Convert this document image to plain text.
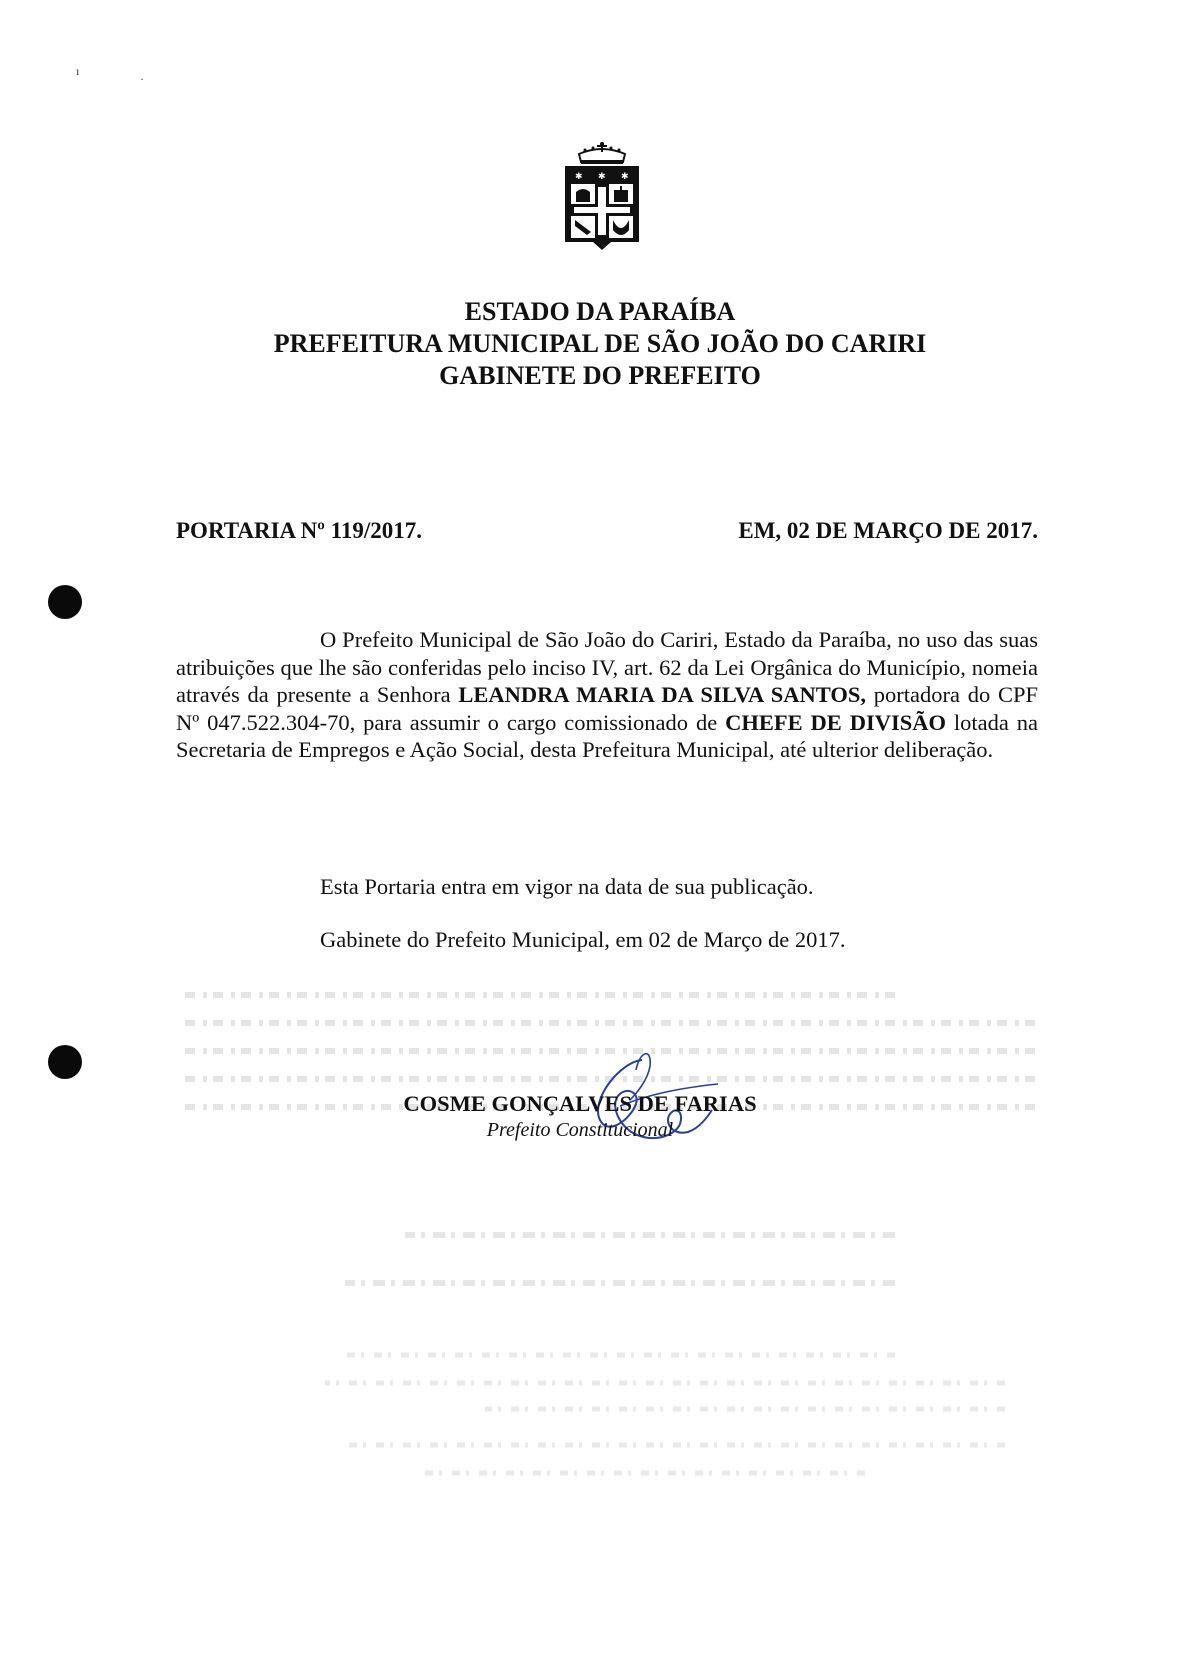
ı
·
✱ ✱ ✱
ESTADO DA PARAÍBA
PREFEITURA MUNICIPAL DE SÃO JOÃO DO CARIRI
GABINETE DO PREFEITO
PORTARIA Nº 119/2017.	EM, 02 DE MARÇO DE 2017.
O Prefeito Municipal de São João do Cariri, Estado da Paraíba, no uso das suas atribuições que lhe são conferidas pelo inciso IV, art. 62 da Lei Orgânica do Município, nomeia através da presente a Senhora LEANDRA MARIA DA SILVA SANTOS, portadora do CPF Nº 047.522.304-70, para assumir o cargo comissionado de CHEFE DE DIVISÃO lotada na Secretaria de Empregos e Ação Social, desta Prefeitura Municipal, até ulterior deliberação.
Esta Portaria entra em vigor na data de sua publicação.
Gabinete do Prefeito Municipal, em 02 de Março de 2017.
COSME GONÇALVES DE FARIAS
Prefeito Constitucional
